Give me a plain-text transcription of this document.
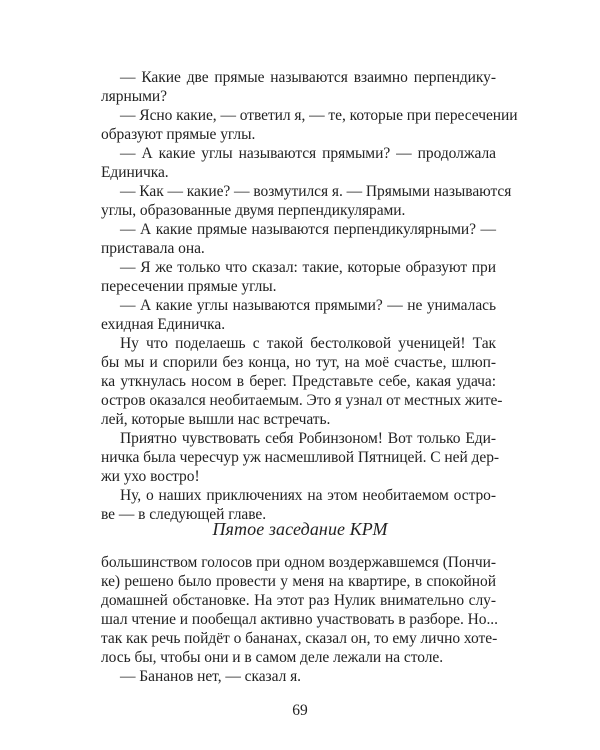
— Какие две прямые называются взаимно перпендику-
лярными?
— Ясно какие, — ответил я, — те, которые при пересечении
образуют прямые углы.
— А какие углы называются прямыми? — продолжала
Единичка.
— Как — какие? — возмутился я. — Прямыми называются
углы, образованные двумя перпендикулярами.
— А какие прямые называются перпендикулярными? —
приставала она.
— Я же только что сказал: такие, которые образуют при
пересечении прямые углы.
— А какие углы называются прямыми? — не унималась
ехидная Единичка.
Ну что поделаешь с такой бестолковой ученицей! Так
бы мы и спорили без конца, но тут, на моё счастье, шлюп-
ка уткнулась носом в берег. Представьте себе, какая удача:
остров оказался необитаемым. Это я узнал от местных жите-
лей, которые вышли нас встречать.
Приятно чувствовать себя Робинзоном! Вот только Еди-
ничка была чересчур уж насмешливой Пятницей. С ней дер-
жи ухо востро!
Ну, о наших приключениях на этом необитаемом остро-
ве — в следующей главе.
Пятое заседание КРМ
большинством голосов при одном воздержавшемся (Пончи-
ке) решено было провести у меня на квартире, в спокойной
домашней обстановке. На этот раз Нулик внимательно слу-
шал чтение и пообещал активно участвовать в разборе. Но...
так как речь пойдёт о бананах, сказал он, то ему лично хоте-
лось бы, чтобы они и в самом деле лежали на столе.
— Бананов нет, — сказал я.
69
